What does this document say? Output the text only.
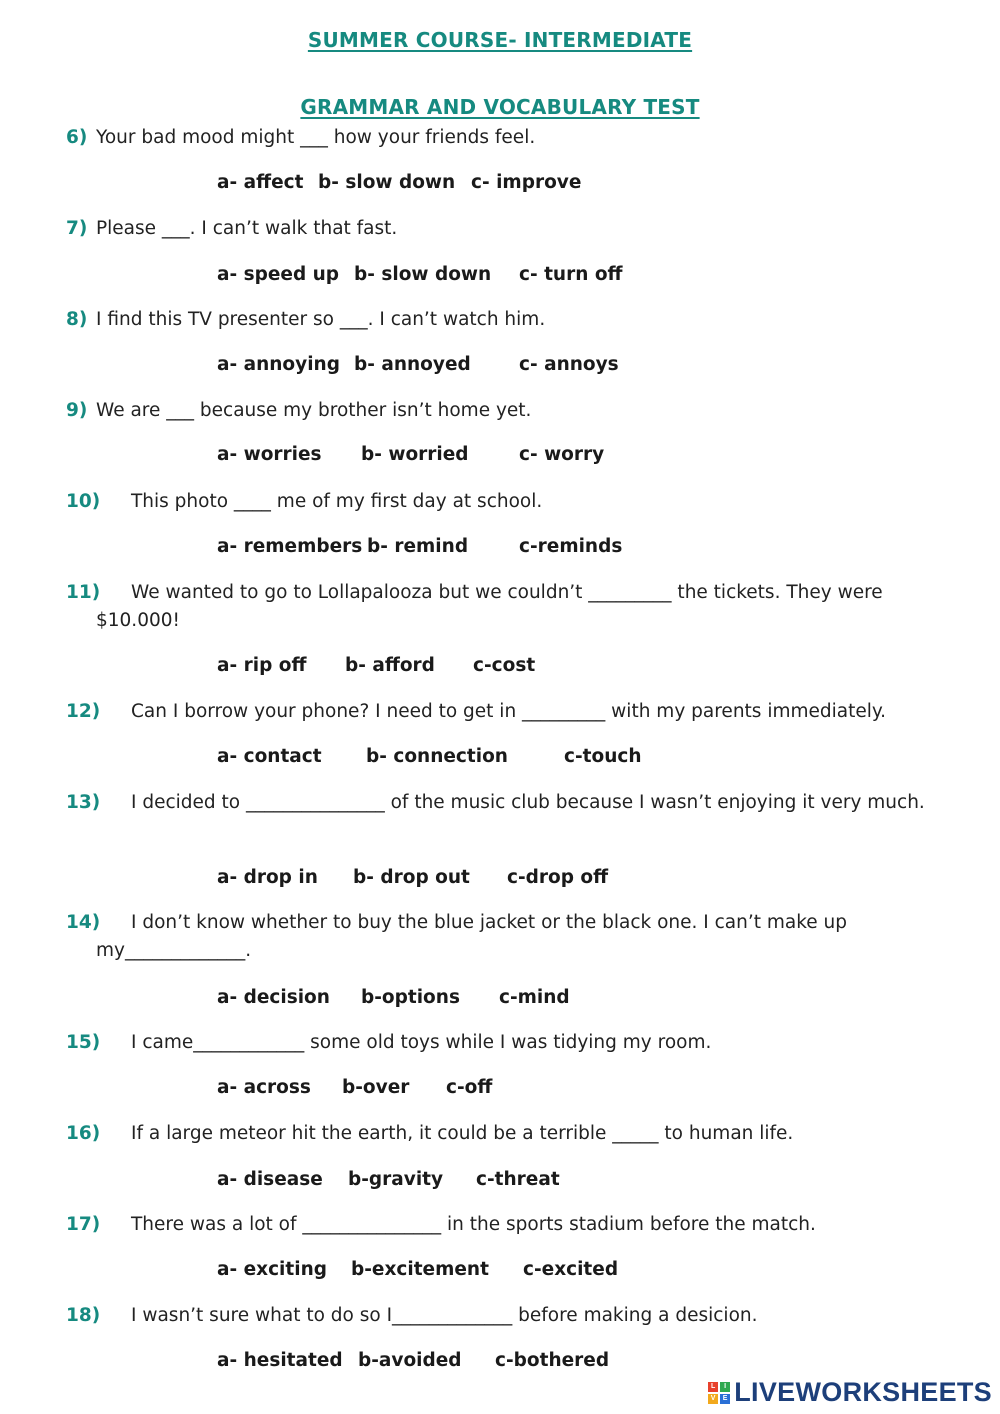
SUMMER COURSE- INTERMEDIATE
GRAMMAR AND VOCABULARY TEST
6) Your bad mood might ___ how your friends feel.
a- affect b- slow down c- improve
7) Please ___. I can’t walk that fast.
a- speed up b- slow down c- turn off
8) I find this TV presenter so ___. I can’t watch him.
a- annoying b- annoyed	c- annoys
9) We are ___ because my brother isn’t home yet.
a- worries b- worried	c- worry
10)	This photo ____ me of my first day at school.
a- remembers b- remind	c-reminds
11)	We wanted to go to Lollapalooza but we couldn’t _________ the tickets. They were $10.000!
a- rip off b- afford c-cost
12)	Can I borrow your phone? I need to get in _________ with my parents immediately.
a- contact b- connection	c-touch
13)	I decided to _______________ of the music club because I wasn’t enjoying it very much.
a- drop in b- drop out c-drop off
14)	I don’t know whether to buy the blue jacket or the black one. I can’t make up my_____________.
a- decision b-options c-mind
15)	I came____________ some old toys while I was tidying my room.
a- across b-over c-off
16)	If a large meteor hit the earth, it could be a terrible _____ to human life.
a- disease b-gravity c-threat
17)	There was a lot of _______________ in the sports stadium before the match.
a- exciting b-excitement c-excited
18)	I wasn’t sure what to do so I_____________ before making a desicion.
a- hesitated b-avoided c-bothered
L	I
V	E LIVEWORKSHEETS
